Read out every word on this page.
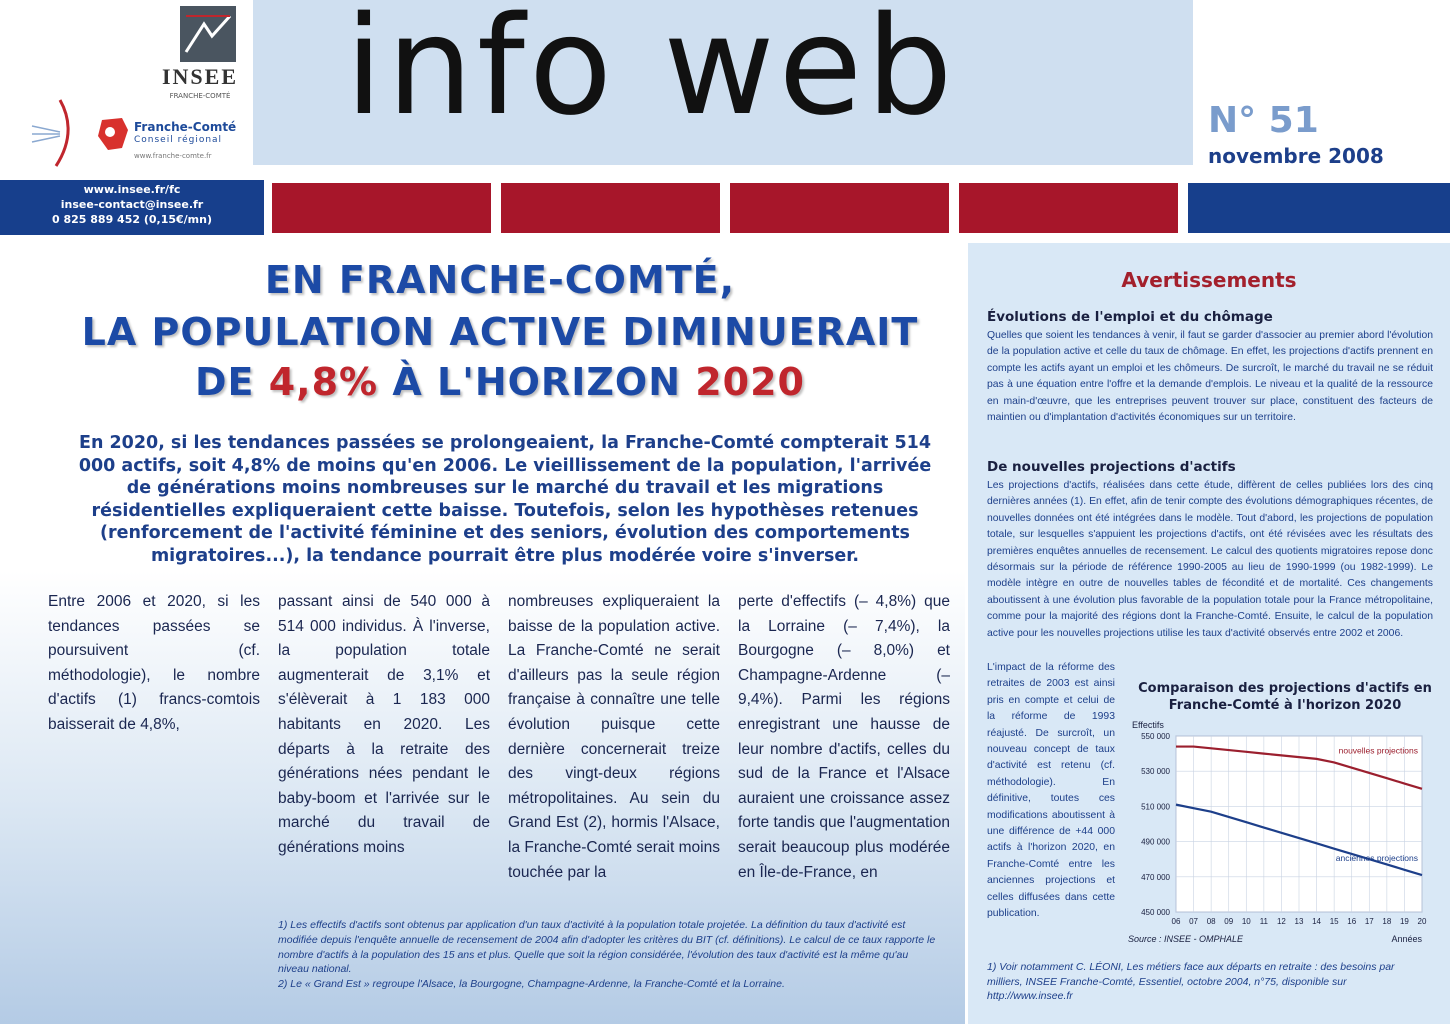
INSEE
FRANCHE-COMTÉ
Franche-Comté
Conseil régional
www.franche-comte.fr
info web	N° 51
novembre 2008
www.insee.fr/fc
insee-contact@insee.fr
0 825 889 452 (0,15€/mn)
EN FRANCHE-COMTÉ,
LA POPULATION ACTIVE DIMINUERAIT
DE 4,8% À L'HORIZON 2020
En 2020, si les tendances passées se prolongeaient, la Franche-Comté compterait 514 000 actifs, soit 4,8% de moins qu'en 2006. Le vieillissement de la population, l'arrivée de générations moins nombreuses sur le marché du travail et les migrations résidentielles expliqueraient cette baisse. Toutefois, selon les hypothèses retenues (renforcement de l'activité féminine et des seniors, évolution des comportements migratoires...), la tendance pourrait être plus modérée voire s'inverser.
Entre 2006 et 2020, si les tendances passées se poursuivent (cf. méthodologie), le nombre d'actifs (1) francs-comtois baisserait de 4,8%,
passant ainsi de 540 000 à 514 000 individus. À l'inverse, la population totale augmenterait de 3,1% et s'élèverait à 1 183 000 habitants en 2020. Les départs à la retraite des générations nées pendant le baby-boom et l'arrivée sur le marché du travail de générations moins
nombreuses expliqueraient la baisse de la population active. La Franche-Comté ne serait d'ailleurs pas la seule région française à connaître une telle évolution puisque cette dernière concernerait treize des vingt-deux régions métropolitaines. Au sein du Grand Est (2), hormis l'Alsace, la Franche-Comté serait moins touchée par la
perte d'effectifs (– 4,8%) que la Lorraine (– 7,4%), la Bourgogne (– 8,0%) et Champagne-Ardenne (– 9,4%). Parmi les régions enregistrant une hausse de leur nombre d'actifs, celles du sud de la France et l'Alsace auraient une croissance assez forte tandis que l'augmentation serait beaucoup plus modérée en Île-de-France, en
1) Les effectifs d'actifs sont obtenus par application d'un taux d'activité à la population totale projetée. La définition du taux d'activité est modifiée depuis l'enquête annuelle de recensement de 2004 afin d'adopter les critères du BIT (cf. définitions). Le calcul de ce taux rapporte le nombre d'actifs à la population des 15 ans et plus. Quelle que soit la région considérée, l'évolution des taux d'activité est la même qu'au niveau national.
2) Le « Grand Est » regroupe l'Alsace, la Bourgogne, Champagne-Ardenne, la Franche-Comté et la Lorraine.
Avertissements
Évolutions de l'emploi et du chômage
Quelles que soient les tendances à venir, il faut se garder d'associer au premier abord l'évolution de la population active et celle du taux de chômage. En effet, les projections d'actifs prennent en compte les actifs ayant un emploi et les chômeurs. De surcroît, le marché du travail ne se réduit pas à une équation entre l'offre et la demande d'emplois. Le niveau et la qualité de la ressource en main-d'œuvre, que les entreprises peuvent trouver sur place, constituent des facteurs de maintien ou d'implantation d'activités économiques sur un territoire.
De nouvelles projections d'actifs
Les projections d'actifs, réalisées dans cette étude, diffèrent de celles publiées lors des cinq dernières années (1). En effet, afin de tenir compte des évolutions démographiques récentes, de nouvelles données ont été intégrées dans le modèle. Tout d'abord, les projections de population totale, sur lesquelles s'appuient les projections d'actifs, ont été révisées avec les résultats des premières enquêtes annuelles de recensement. Le calcul des quotients migratoires repose donc désormais sur la période de référence 1990-2005 au lieu de 1990-1999 (ou 1982-1999). Le modèle intègre en outre de nouvelles tables de fécondité et de mortalité. Ces changements aboutissent à une évolution plus favorable de la population totale pour la France métropolitaine, comme pour la majorité des régions dont la Franche-Comté. Ensuite, le calcul de la population active pour les nouvelles projections utilise les taux d'activité observés entre 2002 et 2006.
L'impact de la réforme des retraites de 2003 est ainsi pris en compte et celui de la réforme de 1993 réajusté. De surcroît, un nouveau concept de taux d'activité est retenu (cf. méthodologie). En définitive, toutes ces modifications aboutissent à une différence de +44 000 actifs à l'horizon 2020, en Franche-Comté entre les anciennes projections et celles diffusées dans cette publication.
1) Voir notamment C. LÉONI, Les métiers face aux départs en retraite : des besoins par milliers, INSEE Franche-Comté, Essentiel, octobre 2004, n°75, disponible sur http://www.insee.fr
Comparaison des projections d'actifs en Franche-Comté à l'horizon 2020
06 07 08 09 10 11 12 13 14 15 16 17 18 19 20
450 000
470 000
490 000
510 000
530 000
550 000
Effectifs
Années
Source : INSEE - OMPHALE
nouvelles projections
anciennes projections
